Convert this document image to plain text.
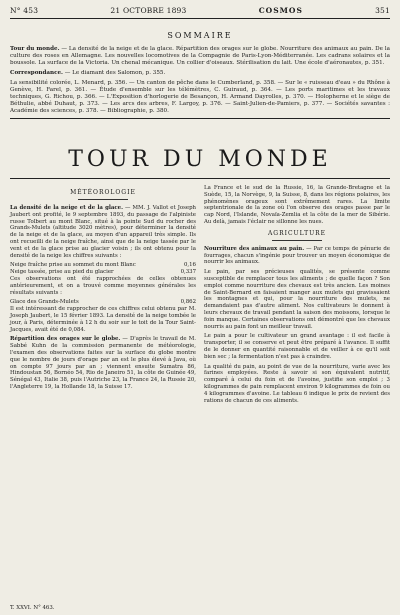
N° 453	21 OCTOBRE 1893	COSMOS	351
SOMMAIRE

Tour du monde. — La densité de la neige et de la glace. Répartition des orages sur le globe. Nourriture des animaux au pain. De la culture des roses en Allemagne. Les nouvelles locomotives de la Compagnie de Paris-Lyon-Méditerranée. Les cadrans solaires et la boussole. La surface de la Victoria. Un chenal mécanique. Un collier d'oiseaux. Stérilisation du lait. Une école d'aéronautes, p. 351.

Correspondance. — Le diamant des Salomon, p. 355.

La sensibilité colorée, L. Menard, p. 356. — Un canton de pêche dans le Cumberland, p. 358. — Sur le « ruisseau d'eau » du Rhône à Genève, H. Farel, p. 361. — Étude d'ensemble sur les télémètres, C. Guiraud, p. 364. — Les ports maritimes et les travaux techniques, G. Richou, p. 366. — L'Exposition d'horlogerie de Besançon, H. Armand Dayrolles, p. 370. — Holopherne et le siège de Béthulie, abbé Duhaut, p. 373. — Les arcs des arbres, F. Largoy, p. 376. — Saint-Julien-de-Pamiers, p. 377. — Sociétés savantes : Académie des sciences, p. 378. — Bibliographie, p. 380.

TOUR DU MONDE
MÉTÉOROLOGIE

La densité de la neige et de la glace. — MM. J. Vallot et Joseph Jaubert ont profité, le 9 septembre 1893, du passage de l'alpiniste russe Tolbert au mont Blanc, situé à la pointe Sud du rocher des Grands-Mulets (altitude 3020 mètres), pour déterminer la densité de la neige et de la glace, au moyen d'un appareil très simple. Ils ont recueilli de la neige fraîche, ainsi que de la neige tassée par le vent et de la glace prise au glacier voisin ; ils ont obtenu pour la densité de la neige les chiffres suivants :

Neige fraîche prise au sommet du mont Blanc	0,16
Neige tassée, prise au pied du glacier	0,337

Ces observations ont été rapprochées de celles obtenues antérieurement, et on a trouvé comme moyennes générales les résultats suivants :

Glace des Grands-Mulets	0,862

Il est intéressant de rapprocher de ces chiffres celui obtenu par M. Joseph Jaubert, le 15 février 1893. La densité de la neige tombée le jour, à Paris, déterminée à 12 h du soir sur le toit de la Tour Saint-Jacques, avait été de 0,084.

Répartition des orages sur le globe. — D'après le travail de M. Sabbé Kuhn de la commission permanente de météorologie, l'examen des observations faites sur la surface du globe montre que le nombre de jours d'orage par an est le plus élevé à Java, où on compte 97 jours par an ; viennent ensuite Sumatra 86, Hindoustan 56, Bornéo 54, Rio de Janeiro 51, la côte de Guinée 49, Sénégal 43, Italie 38, puis l'Autriche 23, la France 24, la Russie 20, l'Angleterre 19, la Hollande 18, la Suisse 17.

La France et le sud de la Russie, 16, la Grande-Bretagne et la Suède, 15, la Norvège, 9, la Suisse, 8, dans les régions polaires, les phénomènes orageux sont extrêmement rares. La limite septentrionale de la zone où l'on observe des orages passe par le cap Nord, l'Islande, Novaïa-Zemlia et la côte de la mer de Sibérie. Au delà, jamais l'éclair ne sillonne les nues.

AGRICULTURE

Nourriture des animaux au pain. — Par ce temps de pénurie de fourrages, chacun s'ingénie pour trouver un moyen économique de nourrir les animaux.

Le pain, par ses précieuses qualités, se présente comme susceptible de remplacer tous les aliments ; de quelle façon ? Son emploi comme nourriture des chevaux est très ancien. Les moines de Saint-Bernard en faisaient manger aux mulets qui gravissaient les montagnes et qui, pour la nourriture des mulets, ne demandaient pas d'autre aliment. Nos cultivateurs le donnent à leurs chevaux de travail pendant la saison des moissons, lorsque le foin manque. Certaines observations ont démontré que les chevaux nourris au pain font un meilleur travail.

Le pain a pour le cultivateur un grand avantage : il est facile à transporter, il se conserve et peut être préparé à l'avance. Il suffit de le donner en quantité raisonnable et de veiller à ce qu'il soit bien sec ; la fermentation n'est pas à craindre.

La qualité du pain, au point de vue de la nourriture, varie avec les farines employées. Reste à savoir si son équivalent nutritif, comparé à celui du foin et de l'avoine, justifie son emploi ; 3 kilogrammes de pain remplacent environ 9 kilogrammes de foin ou 4 kilogrammes d'avoine. Le tableau 6 indique le prix de revient des rations de chacun de ces aliments.

T. XXVI. N° 463.
